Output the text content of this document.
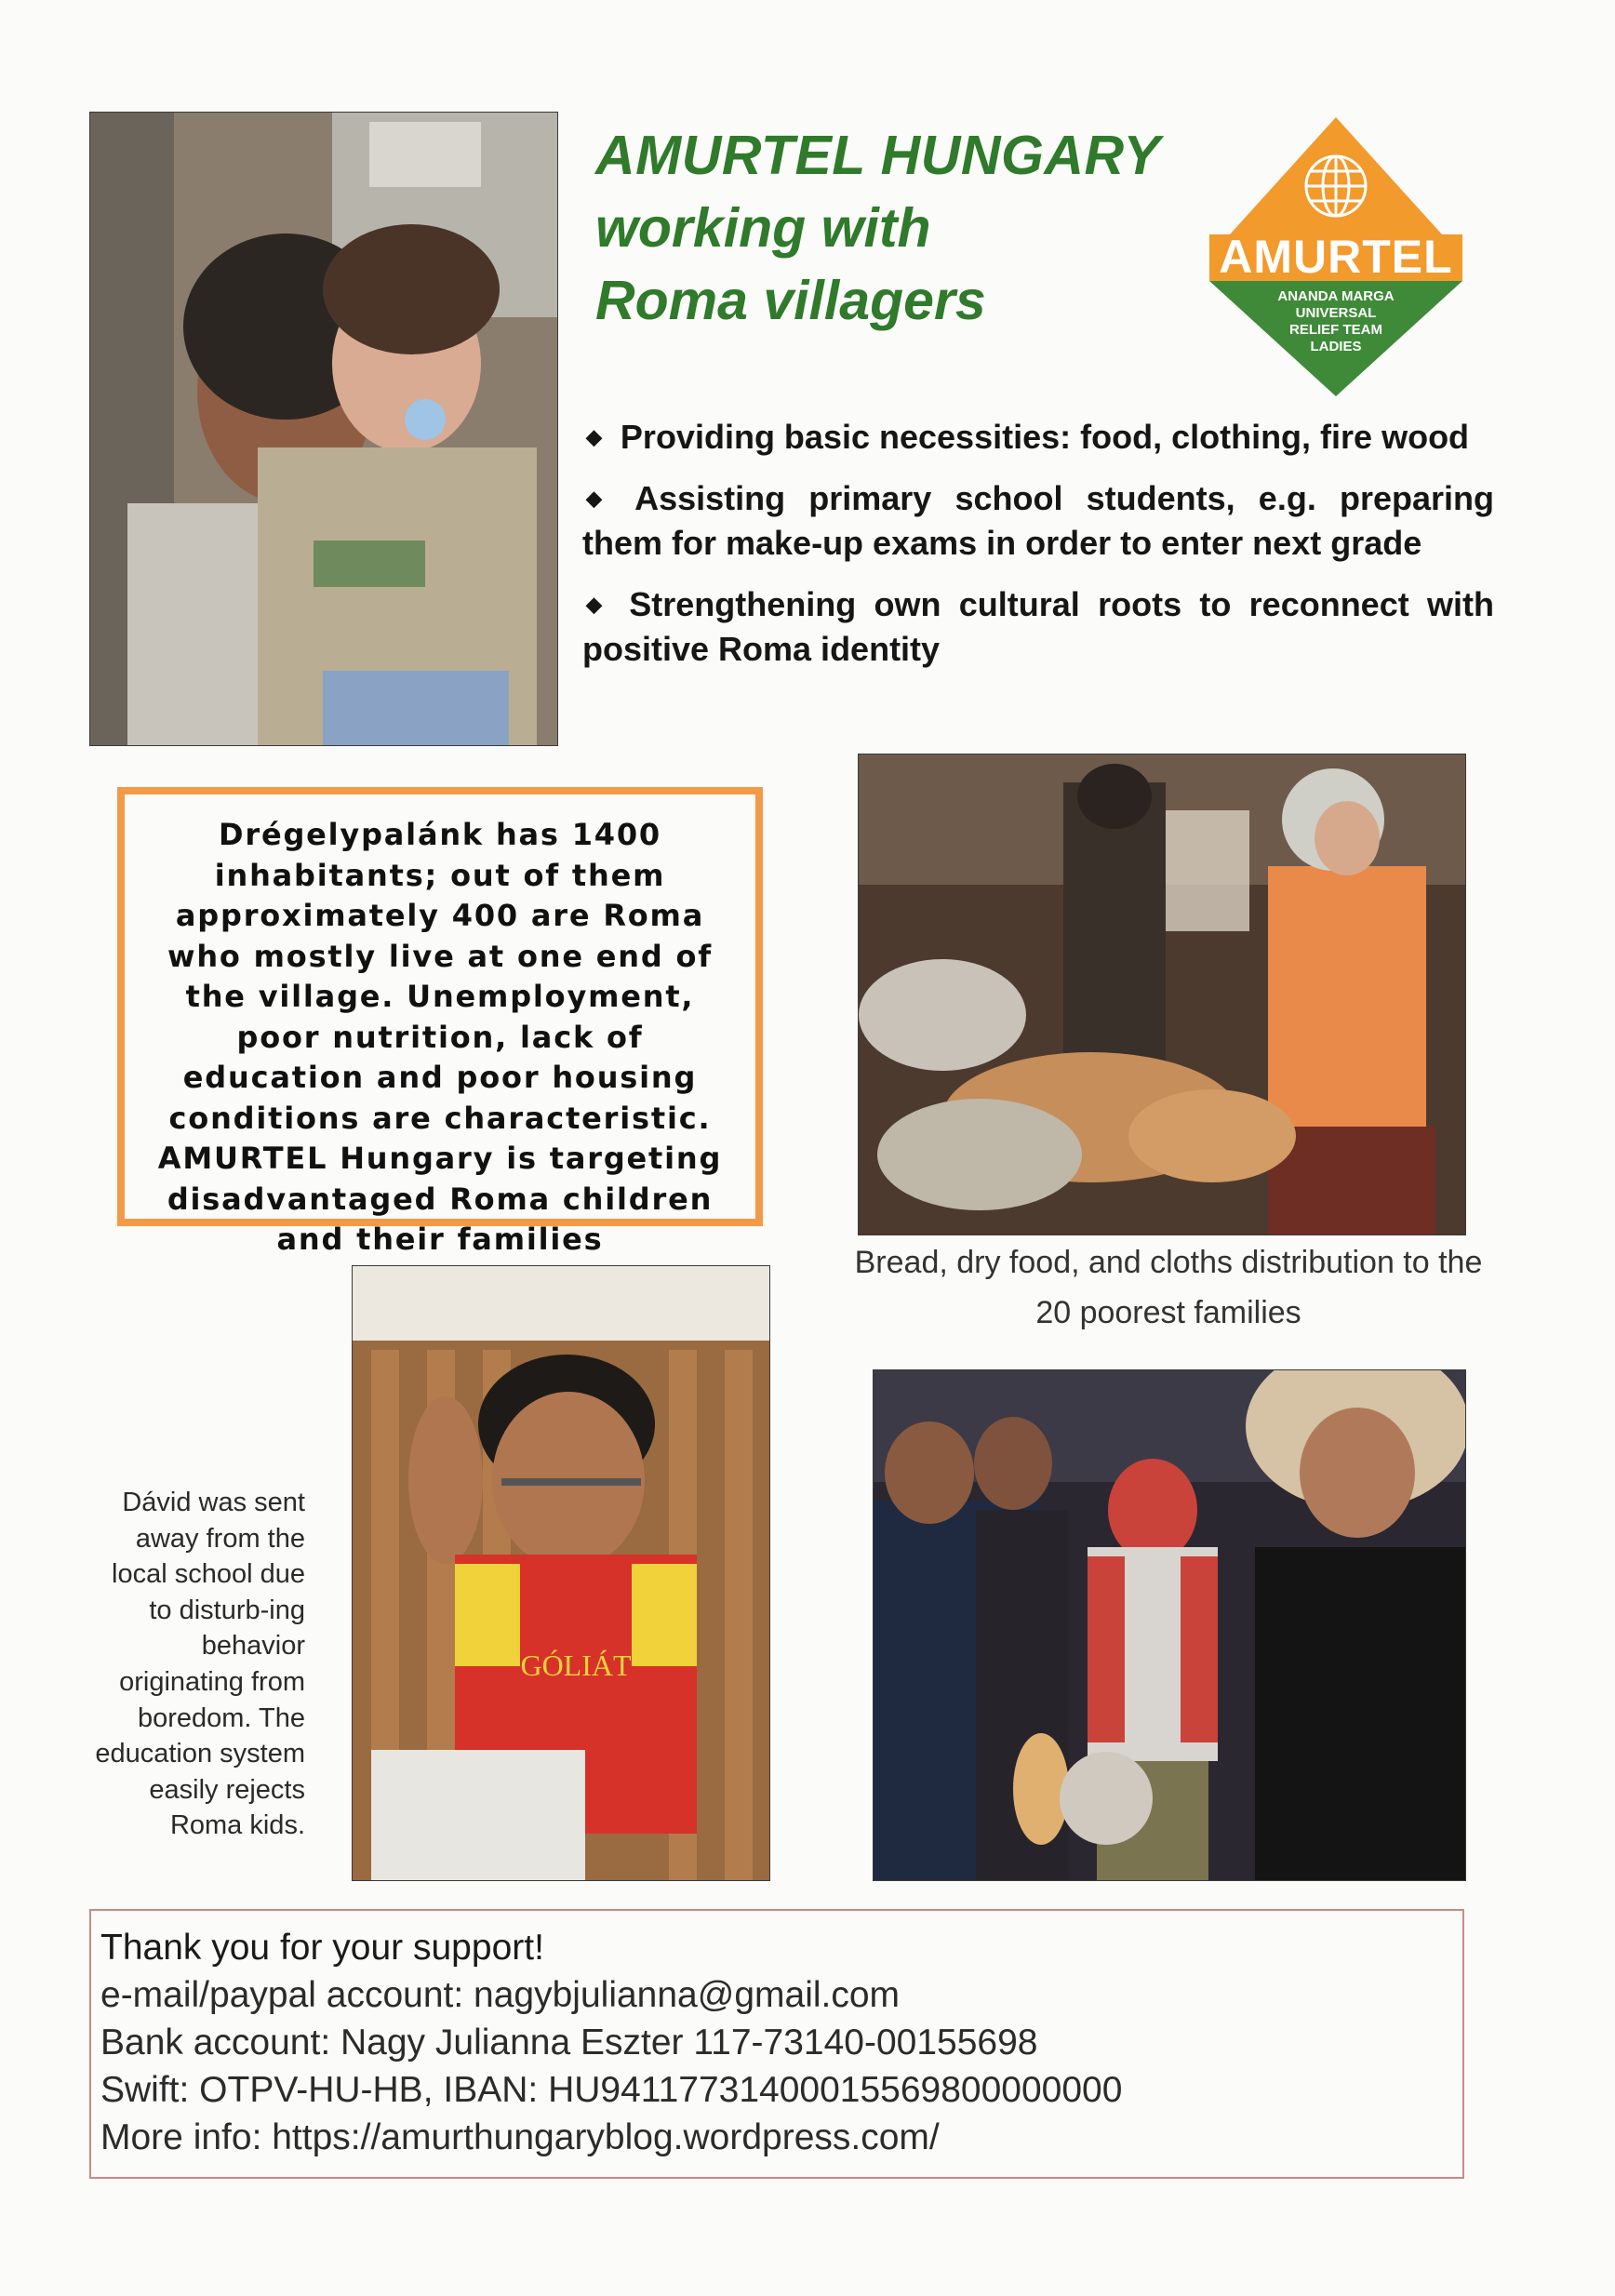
AMURTEL HUNGARY
working with
Roma villagers
AMURTEL
ANANDA MARGA
UNIVERSAL
RELIEF TEAM
LADIES
◆ Providing basic necessities: food, clothing, fire wood
◆ Assisting primary school students, e.g. preparing them for make-up exams in order to enter next grade
◆ Strengthening own cultural roots to reconnect with positive Roma identity
Drégelypalánk has 1400 inhabitants; out of them approximately 400 are Roma who mostly live at one end of the village. Unemployment, poor nutrition, lack of education and poor housing conditions are characteristic. AMURTEL Hungary is targeting disadvantaged Roma children and their families
Bread, dry food, and cloths distribution to the 20 poorest families
GÓLIÁT
Dávid was sent away from the local school due to disturb-ing behavior originating from boredom. The education system easily rejects Roma kids.
Thank you for your support!
e-mail/paypal account: nagybjulianna@gmail.com
Bank account: Nagy Julianna Eszter 117-73140-00155698
Swift: OTPV-HU-HB, IBAN: HU94117731400015569800000000
More info: https://amurthungaryblog.wordpress.com/
